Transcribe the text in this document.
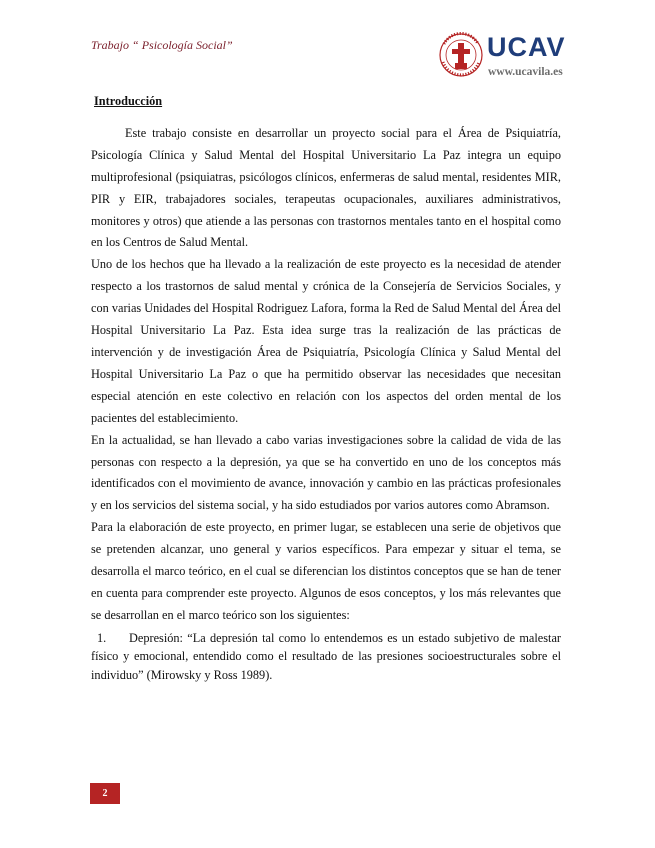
Trabajo “ Psicología Social”	UCAV
www.ucavila.es
Introducción

Este trabajo consiste en desarrollar un proyecto social para el Área de Psiquiatría, Psicología Clínica y Salud Mental del Hospital Universitario La Paz integra un equipo multiprofesional (psiquiatras, psicólogos clínicos, enfermeras de salud mental, residentes MIR, PIR y EIR, trabajadores sociales, terapeutas ocupacionales, auxiliares administrativos, monitores y otros) que atiende a las personas con trastornos mentales tanto en el hospital como en los Centros de Salud Mental.

Uno de los hechos que ha llevado a la realización de este proyecto es la necesidad de atender respecto a los trastornos de salud mental y crónica de la Consejería de Servicios Sociales, y con varias Unidades del Hospital Rodriguez Lafora, forma la Red de Salud Mental del Área del Hospital Universitario La Paz. Esta idea surge tras la realización de las prácticas de intervención y de investigación Área de Psiquiatría, Psicología Clínica y Salud Mental del Hospital Universitario La Paz o que ha permitido observar las necesidades que necesitan especial atención en este colectivo en relación con los aspectos del orden mental de los pacientes del establecimiento.

En la actualidad, se han llevado a cabo varias investigaciones sobre la calidad de vida de las personas con respecto a la depresión, ya que se ha convertido en uno de los conceptos más identificados con el movimiento de avance, innovación y cambio en las prácticas profesionales y en los servicios del sistema social, y ha sido estudiados por varios autores como Abramson.

Para la elaboración de este proyecto, en primer lugar, se establecen una serie de objetivos que se pretenden alcanzar, uno general y varios específicos. Para empezar y situar el tema, se desarrolla el marco teórico, en el cual se diferencian los distintos conceptos que se han de tener en cuenta para comprender este proyecto. Algunos de esos conceptos, y los más relevantes que se desarrollan en el marco teórico son los siguientes:

1. Depresión: “La depresión tal como lo entendemos es un estado subjetivo de malestar físico y emocional, entendido como el resultado de las presiones socioestructurales sobre el individuo” (Mirowsky y Ross 1989).

2
